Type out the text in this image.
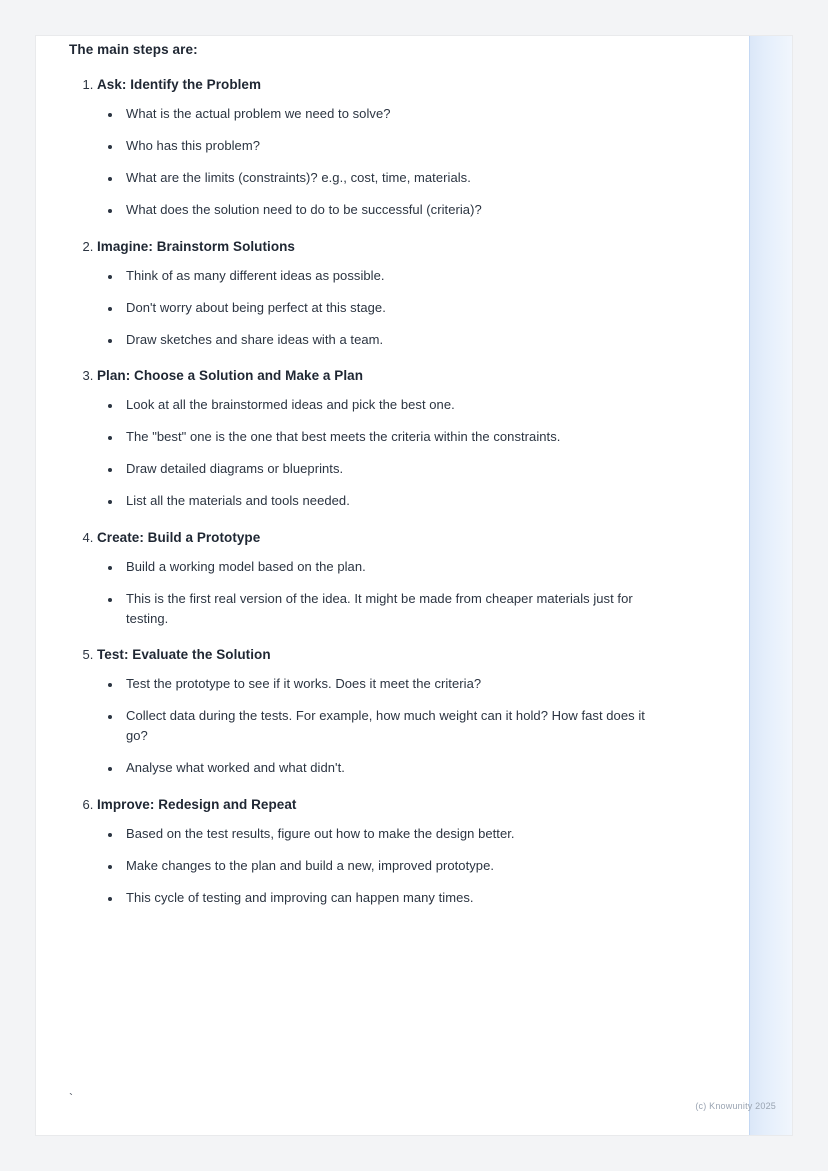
The main steps are:

1. Ask: Identify the Problem
• What is the actual problem we need to solve?
• Who has this problem?
• What are the limits (constraints)? e.g., cost, time, materials.
• What does the solution need to do to be successful (criteria)?
2. Imagine: Brainstorm Solutions
• Think of as many different ideas as possible.
• Don't worry about being perfect at this stage.
• Draw sketches and share ideas with a team.
3. Plan: Choose a Solution and Make a Plan
• Look at all the brainstormed ideas and pick the best one.
• The "best" one is the one that best meets the criteria within the constraints.
• Draw detailed diagrams or blueprints.
• List all the materials and tools needed.
4. Create: Build a Prototype
• Build a working model based on the plan.
• This is the first real version of the idea. It might be made from cheaper materials just for testing.
5. Test: Evaluate the Solution
• Test the prototype to see if it works. Does it meet the criteria?
• Collect data during the tests. For example, how much weight can it hold? How fast does it go?
• Analyse what worked and what didn't.
6. Improve: Redesign and Repeat
• Based on the test results, figure out how to make the design better.
• Make changes to the plan and build a new, improved prototype.
• This cycle of testing and improving can happen many times.
`
(c) Knowunity 2025
